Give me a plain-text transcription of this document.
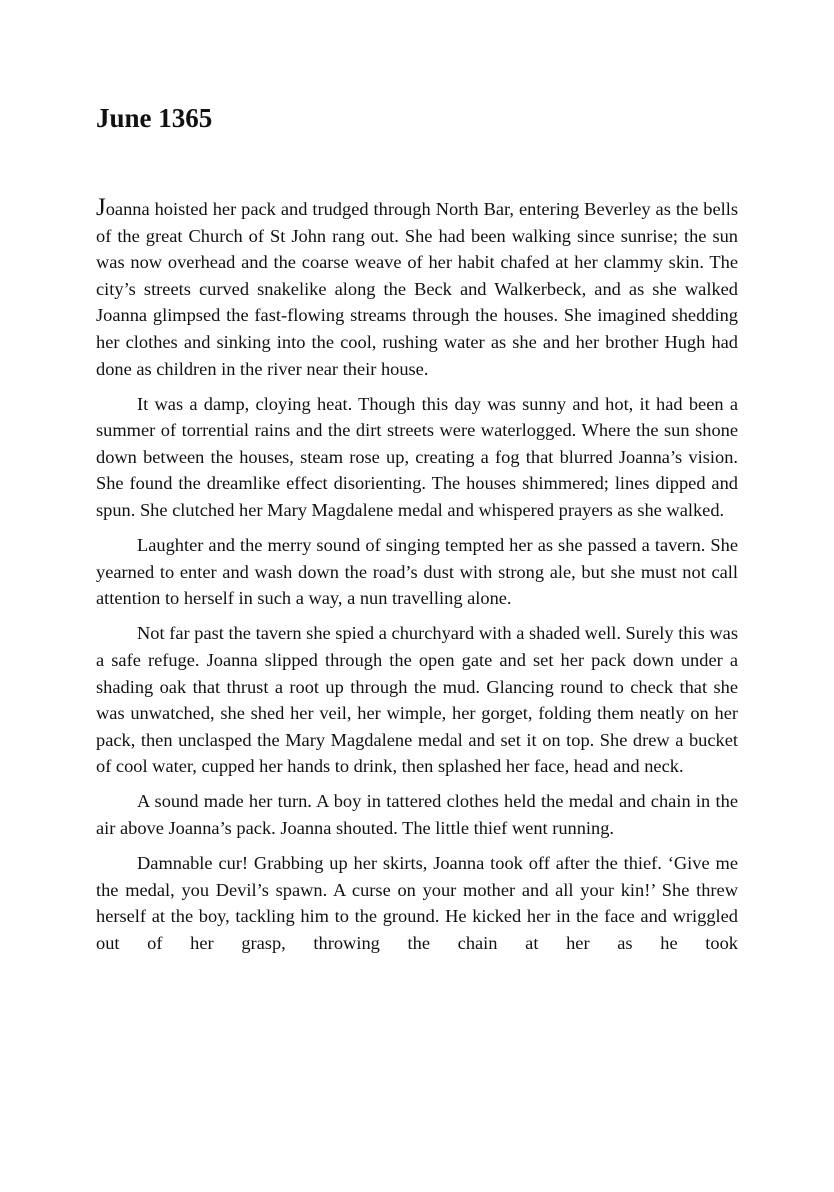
June 1365

Joanna hoisted her pack and trudged through North Bar, entering Beverley as the bells of the great Church of St John rang out. She had been walking since sunrise; the sun was now overhead and the coarse weave of her habit chafed at her clammy skin. The city’s streets curved snakelike along the Beck and Walkerbeck, and as she walked Joanna glimpsed the fast-flowing streams through the houses. She imagined shedding her clothes and sinking into the cool, rushing water as she and her brother Hugh had done as children in the river near their house.

It was a damp, cloying heat. Though this day was sunny and hot, it had been a summer of torrential rains and the dirt streets were waterlogged. Where the sun shone down between the houses, steam rose up, creating a fog that blurred Joanna’s vision. She found the dreamlike effect disorienting. The houses shimmered; lines dipped and spun. She clutched her Mary Magdalene medal and whispered prayers as she walked.

Laughter and the merry sound of singing tempted her as she passed a tavern. She yearned to enter and wash down the road’s dust with strong ale, but she must not call attention to herself in such a way, a nun travelling alone.

Not far past the tavern she spied a churchyard with a shaded well. Surely this was a safe refuge. Joanna slipped through the open gate and set her pack down under a shading oak that thrust a root up through the mud. Glancing round to check that she was unwatched, she shed her veil, her wimple, her gorget, folding them neatly on her pack, then unclasped the Mary Magdalene medal and set it on top. She drew a bucket of cool water, cupped her hands to drink, then splashed her face, head and neck.

A sound made her turn. A boy in tattered clothes held the medal and chain in the air above Joanna’s pack. Joanna shouted. The little thief went running.

Damnable cur! Grabbing up her skirts, Joanna took off after the thief. ‘Give me the medal, you Devil’s spawn. A curse on your mother and all your kin!’ She threw herself at the boy, tackling him to the ground. He kicked her in the face and wriggled out of her grasp, throwing the chain at her as he took
